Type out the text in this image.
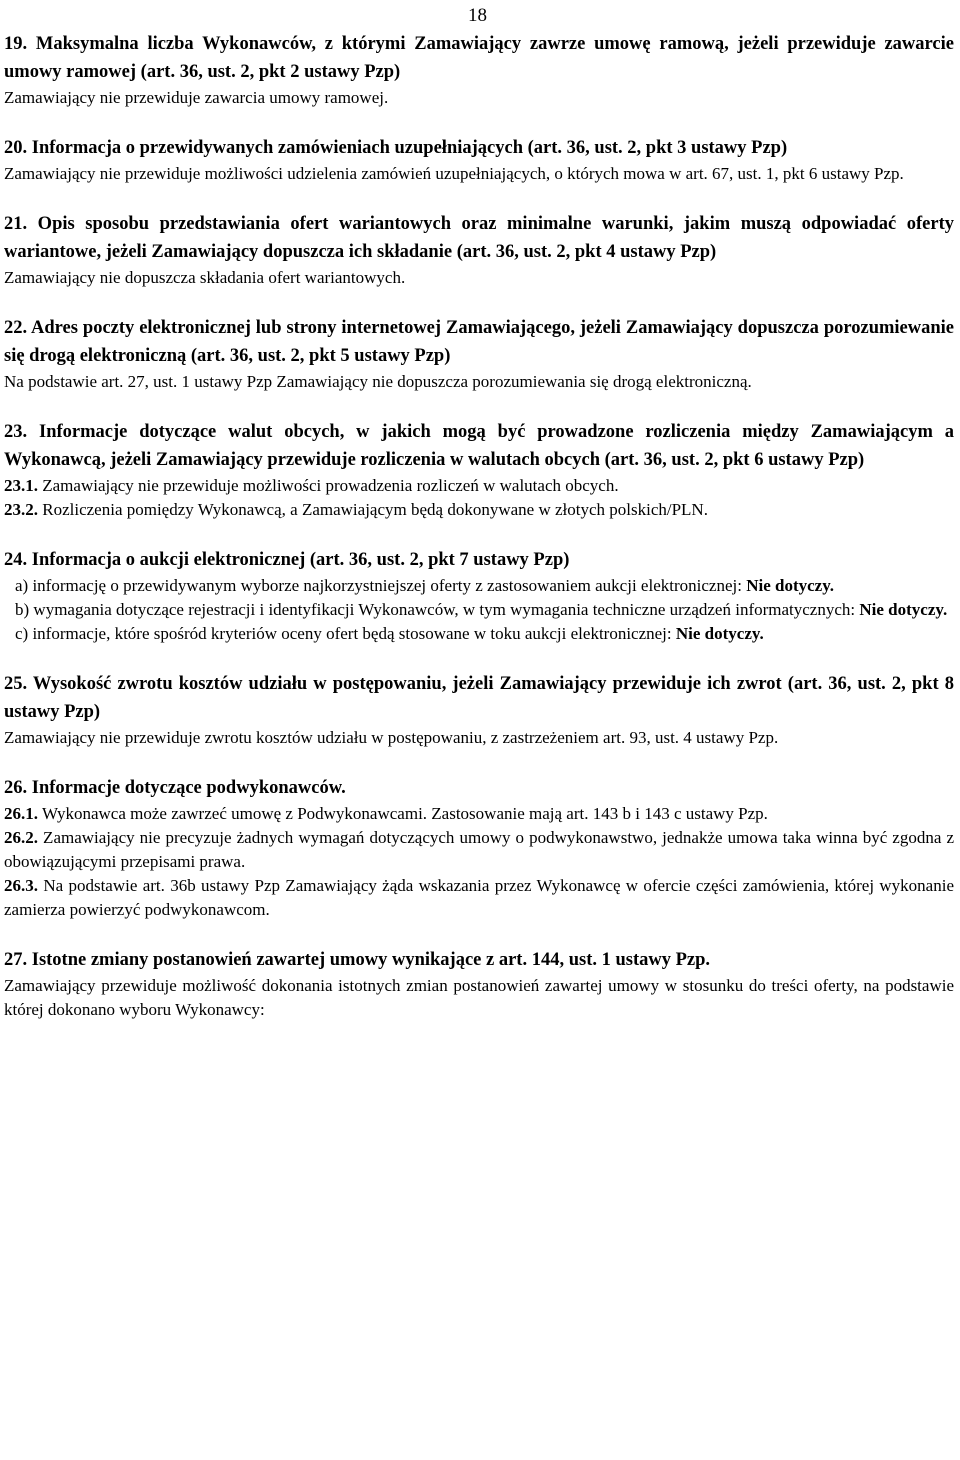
18

19. Maksymalna liczba Wykonawców, z którymi Zamawiający zawrze umowę ramową, jeżeli przewiduje zawarcie umowy ramowej (art. 36, ust. 2, pkt 2 ustawy Pzp)

Zamawiający nie przewiduje zawarcia umowy ramowej.

20. Informacja o przewidywanych zamówieniach uzupełniających (art. 36, ust. 2, pkt 3 ustawy Pzp)

Zamawiający nie przewiduje możliwości udzielenia zamówień uzupełniających, o których mowa w art. 67, ust. 1, pkt 6 ustawy Pzp.

21. Opis sposobu przedstawiania ofert wariantowych oraz minimalne warunki, jakim muszą odpowiadać oferty wariantowe, jeżeli Zamawiający dopuszcza ich składanie (art. 36, ust. 2, pkt 4 ustawy Pzp)

Zamawiający nie dopuszcza składania ofert wariantowych.

22. Adres poczty elektronicznej lub strony internetowej Zamawiającego, jeżeli Zamawiający dopuszcza porozumiewanie się drogą elektroniczną (art. 36, ust. 2, pkt 5 ustawy Pzp)

Na podstawie art. 27, ust. 1 ustawy Pzp Zamawiający nie dopuszcza porozumiewania się drogą elektroniczną.

23. Informacje dotyczące walut obcych, w jakich mogą być prowadzone rozliczenia między Zamawiającym a Wykonawcą, jeżeli Zamawiający przewiduje rozliczenia w walutach obcych (art. 36, ust. 2, pkt 6 ustawy Pzp)

23.1. Zamawiający nie przewiduje możliwości prowadzenia rozliczeń w walutach obcych.

23.2. Rozliczenia pomiędzy Wykonawcą, a Zamawiającym będą dokonywane w złotych polskich/PLN.

24. Informacja o aukcji elektronicznej (art. 36, ust. 2, pkt 7 ustawy Pzp)

a) informację o przewidywanym wyborze najkorzystniejszej oferty z zastosowaniem aukcji elektronicznej: Nie dotyczy.

b) wymagania dotyczące rejestracji i identyfikacji Wykonawców, w tym wymagania techniczne urządzeń informatycznych: Nie dotyczy.

c) informacje, które spośród kryteriów oceny ofert będą stosowane w toku aukcji elektronicznej: Nie dotyczy.

25. Wysokość zwrotu kosztów udziału w postępowaniu, jeżeli Zamawiający przewiduje ich zwrot (art. 36, ust. 2, pkt 8 ustawy Pzp)

Zamawiający nie przewiduje zwrotu kosztów udziału w postępowaniu, z zastrzeżeniem art. 93, ust. 4 ustawy Pzp.

26. Informacje dotyczące podwykonawców.

26.1. Wykonawca może zawrzeć umowę z Podwykonawcami. Zastosowanie mają art. 143 b i 143 c ustawy Pzp.

26.2. Zamawiający nie precyzuje żadnych wymagań dotyczących umowy o podwykonawstwo, jednakże umowa taka winna być zgodna z obowiązującymi przepisami prawa.

26.3. Na podstawie art. 36b ustawy Pzp Zamawiający żąda wskazania przez Wykonawcę w ofercie części zamówienia, której wykonanie zamierza powierzyć podwykonawcom.

27. Istotne zmiany postanowień zawartej umowy wynikające z art. 144, ust. 1 ustawy Pzp.

Zamawiający przewiduje możliwość dokonania istotnych zmian postanowień zawartej umowy w stosunku do treści oferty, na podstawie której dokonano wyboru Wykonawcy:
